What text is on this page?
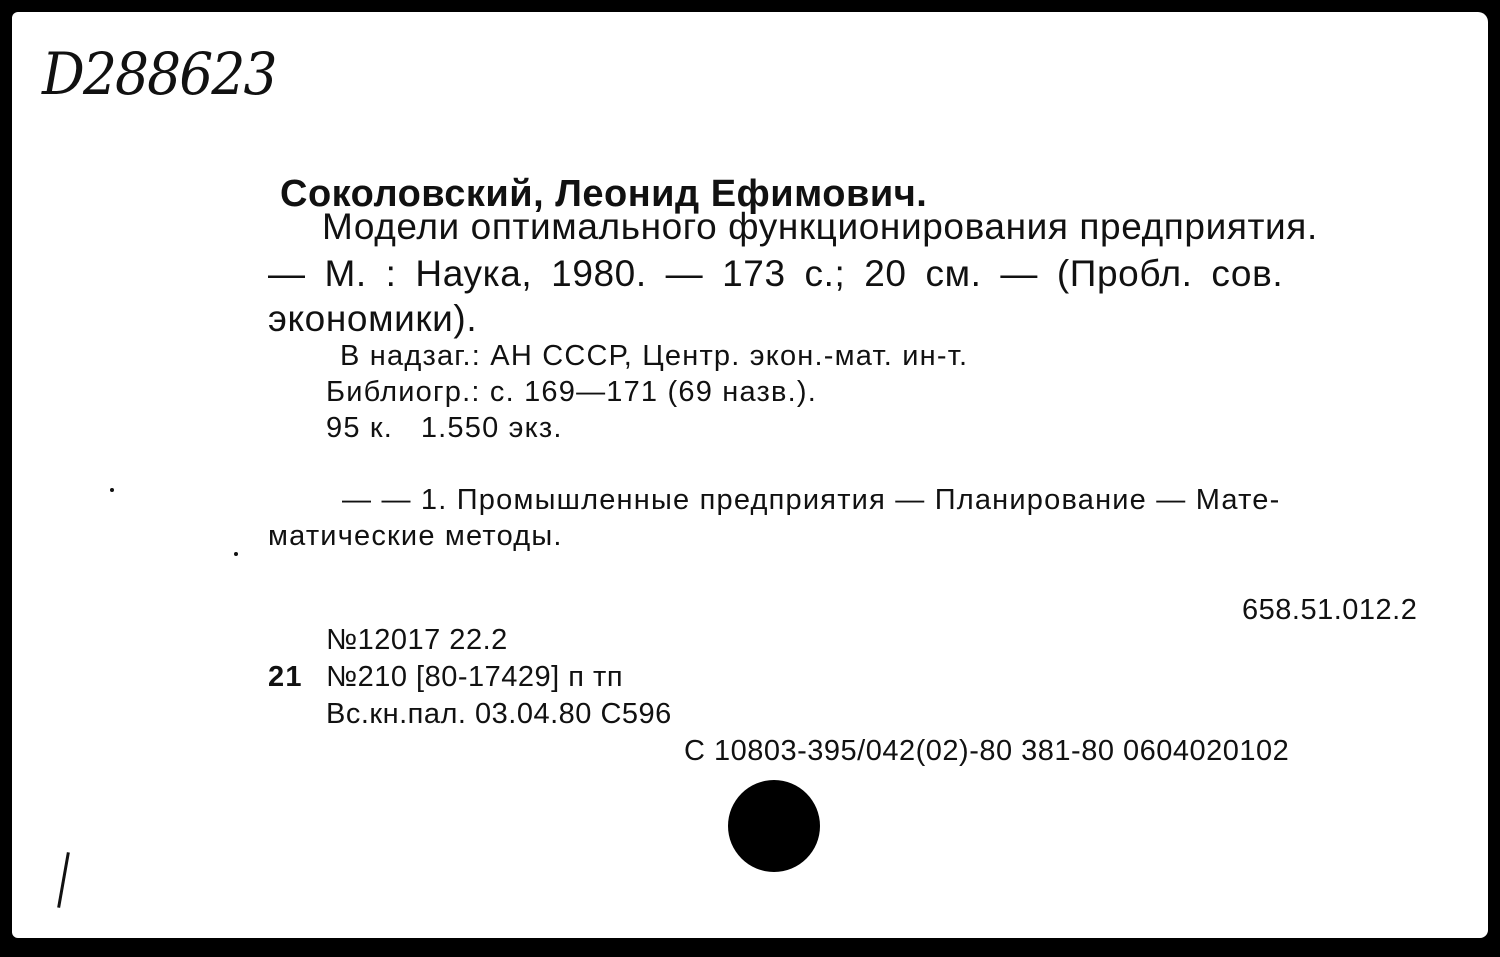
D288623
Соколовский, Леонид Ефимович.
Модели оптимального функционирования предприятия.
— М. : Наука, 1980. — 173 с.; 20 см. — (Пробл. сов.
экономики).
В надзаг.: АН СССР, Центр. экон.-мат. ин-т.
Библиогр.: с. 169—171 (69 назв.).
95 к.   1.550 экз.
— — 1. Промышленные предприятия — Планирование — Мате-
матические методы.
658.51.012.2
№12017 22.2
21 №210 [80-17429] п тп
Вс.кн.пал. 03.04.80 С596
С 10803-395/042(02)-80 381-80 0604020102
